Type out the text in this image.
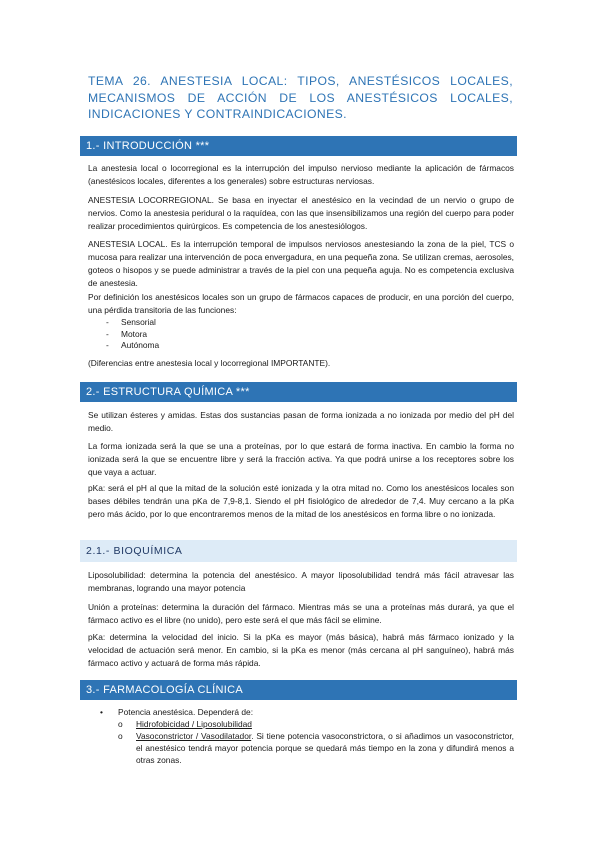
TEMA 26. ANESTESIA LOCAL: TIPOS, ANESTÉSICOS LOCALES, MECANISMOS DE ACCIÓN DE LOS ANESTÉSICOS LOCALES, INDICACIONES Y CONTRAINDICACIONES.
1.- INTRODUCCIÓN ***

La anestesia local o locorregional es la interrupción del impulso nervioso mediante la aplicación de fármacos (anestésicos locales, diferentes a los generales) sobre estructuras nerviosas.

ANESTESIA LOCORREGIONAL. Se basa en inyectar el anestésico en la vecindad de un nervio o grupo de nervios. Como la anestesia peridural o la raquídea, con las que insensibilizamos una región del cuerpo para poder realizar procedimientos quirúrgicos. Es competencia de los anestesiólogos.

ANESTESIA LOCAL. Es la interrupción temporal de impulsos nerviosos anestesiando la zona de la piel, TCS o mucosa para realizar una intervención de poca envergadura, en una pequeña zona. Se utilizan cremas, aerosoles, goteos o hisopos y se puede administrar a través de la piel con una pequeña aguja. No es competencia exclusiva de anestesia.

Por definición los anestésicos locales son un grupo de fármacos capaces de producir, en una porción del cuerpo, una pérdida transitoria de las funciones:

-	Sensorial
-	Motora
-	Autónoma

(Diferencias entre anestesia local y locorregional IMPORTANTE).

2.- ESTRUCTURA QUÍMICA ***

Se utilizan ésteres y amidas. Estas dos sustancias pasan de forma ionizada a no ionizada por medio del pH del medio.

La forma ionizada será la que se una a proteínas, por lo que estará de forma inactiva. En cambio la forma no ionizada será la que se encuentre libre y será la fracción activa. Ya que podrá unirse a los receptores sobre los que vaya a actuar.

pKa: será el pH al que la mitad de la solución esté ionizada y la otra mitad no. Como los anestésicos locales son bases débiles tendrán una pKa de 7,9-8,1. Siendo el pH fisiológico de alrededor de 7,4. Muy cercano a la pKa pero más ácido, por lo que encontraremos menos de la mitad de los anestésicos en forma libre o no ionizada.

2.1.- BIOQUÍMICA

Liposolubilidad: determina la potencia del anestésico. A mayor liposolubilidad tendrá más fácil atravesar las membranas, logrando una mayor potencia

Unión a proteínas: determina la duración del fármaco. Mientras más se una a proteínas más durará, ya que el fármaco activo es el libre (no unido), pero este será el que más fácil se elimine.

pKa: determina la velocidad del inicio. Si la pKa es mayor (más básica), habrá más fármaco ionizado y la velocidad de actuación será menor. En cambio, si la pKa es menor (más cercana al pH sanguíneo), habrá más fármaco activo y actuará de forma más rápida.

3.- FARMACOLOGÍA CLÍNICA
•	Potencia anestésica. Dependerá de:
o	Hidrofobicidad / Liposolubilidad
o	Vasoconstrictor / Vasodilatador. Si tiene potencia vasoconstrictora, o si añadimos un vasoconstrictor, el anestésico tendrá mayor potencia porque se quedará más tiempo en la zona y difundirá menos a otras zonas.
